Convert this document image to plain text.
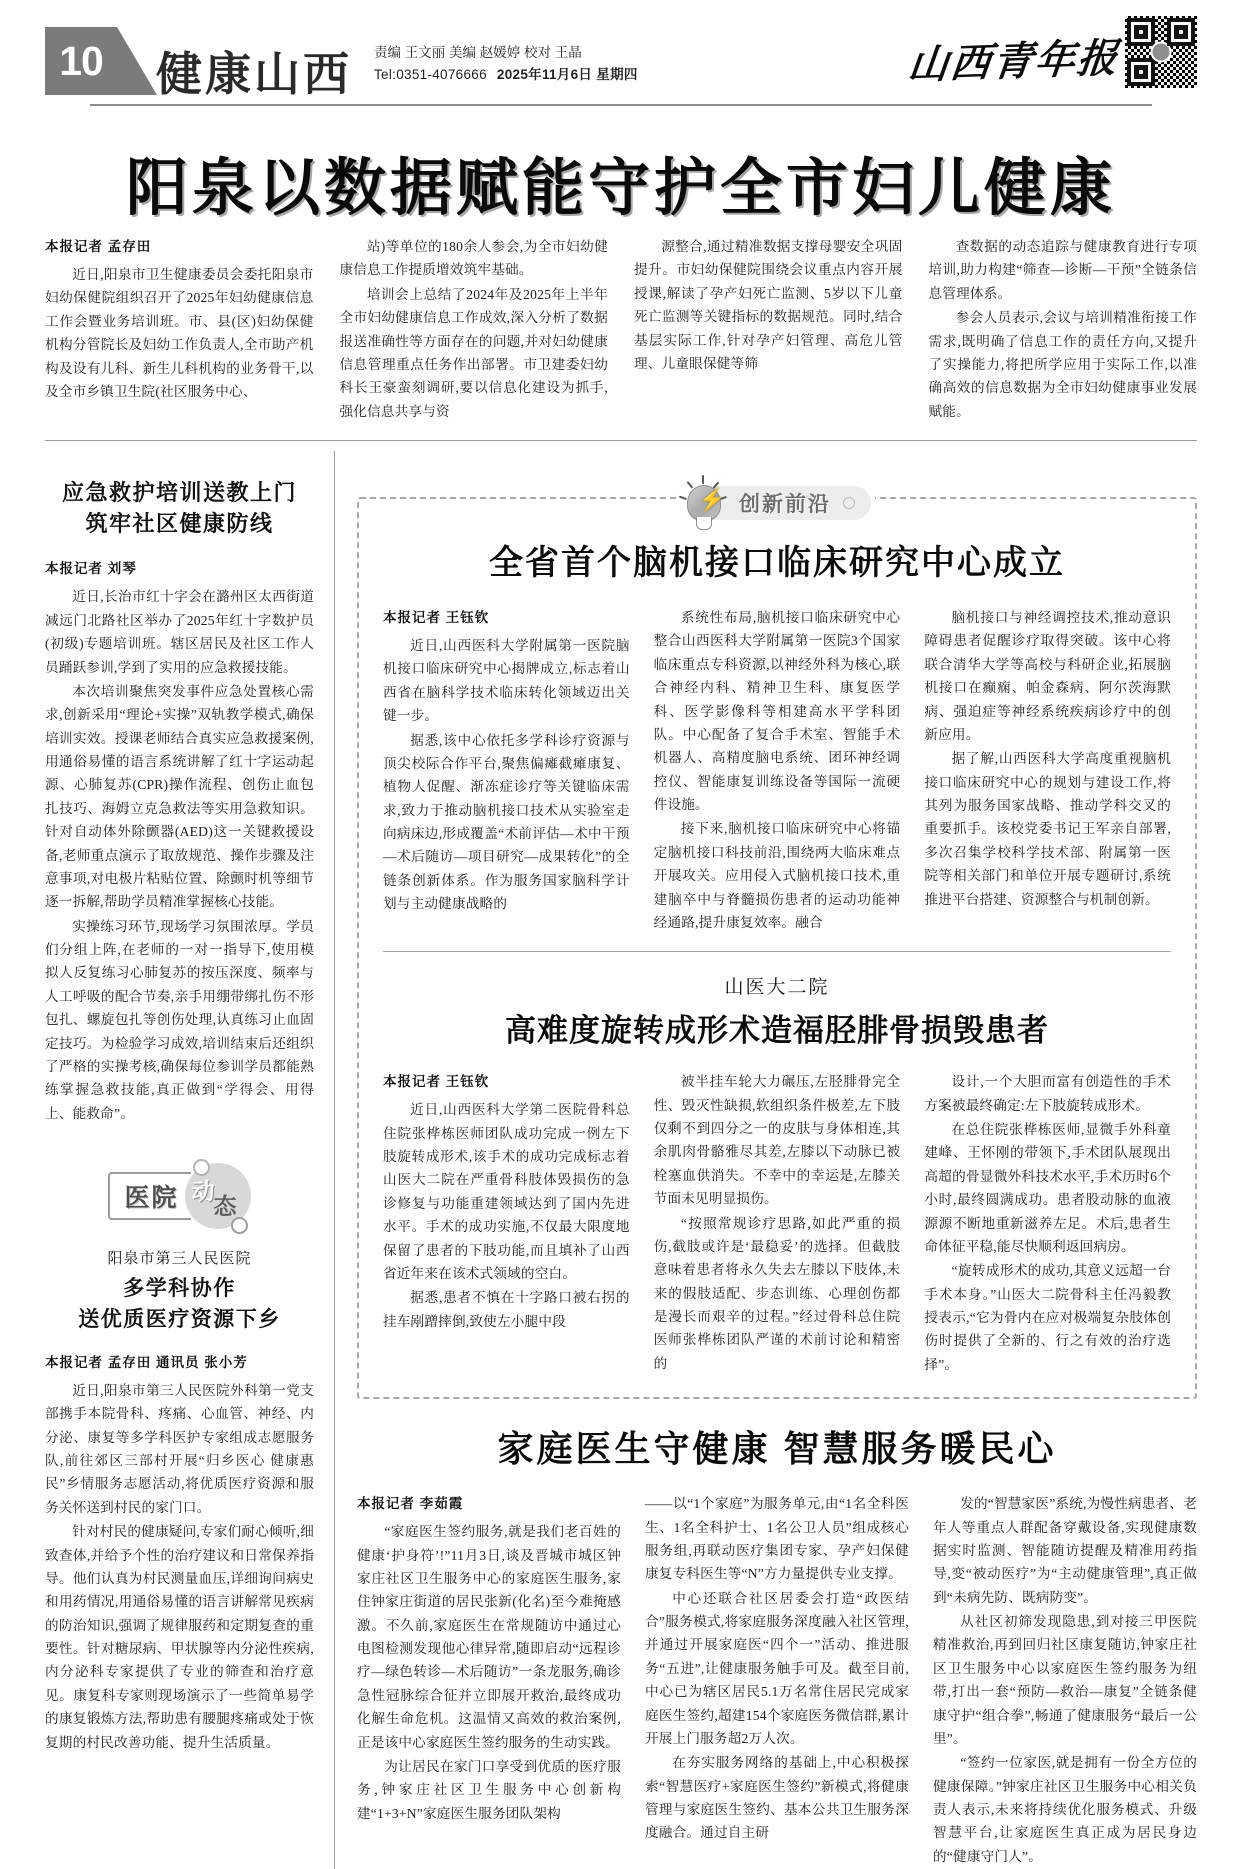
10	健康山西 责编 王文丽 美编 赵媛婷 校对 王晶
Tel:0351-4076666 2025年11月6日 星期四	山西青年报
阳泉以数据赋能守护全市妇儿健康
本报记者 孟存田

近日,阳泉市卫生健康委员会委托阳泉市妇幼保健院组织召开了2025年妇幼健康信息工作会暨业务培训班。市、县(区)妇幼保健机构分管院长及妇幼工作负责人,全市助产机构及设有儿科、新生儿科机构的业务骨干,以及全市乡镇卫生院(社区服务中心、

站)等单位的180余人参会,为全市妇幼健康信息工作提质增效筑牢基础。

培训会上总结了2024年及2025年上半年全市妇幼健康信息工作成效,深入分析了数据报送准确性等方面存在的问题,并对妇幼健康信息管理重点任务作出部署。市卫建委妇幼科长王豪蛮刻调研,要以信息化建设为抓手,强化信息共享与资

源整合,通过精准数据支撑母婴安全巩固提升。市妇幼保健院围绕会议重点内容开展授课,解读了孕产妇死亡监测、5岁以下儿童死亡监测等关键指标的数据规范。同时,结合基层实际工作,针对孕产妇管理、高危儿管理、儿童眼保健等筛

查数据的动态追踪与健康教育进行专项培训,助力构建“筛查—诊断—干预”全链条信息管理体系。

参会人员表示,会议与培训精准衔接工作需求,既明确了信息工作的责任方向,又提升了实操能力,将把所学应用于实际工作,以准确高效的信息数据为全市妇幼健康事业发展赋能。

应急救护培训送教上门
筑牢社区健康防线
本报记者 刘琴

近日,长治市红十字会在潞州区太西街道减远门北路社区举办了2025年红十字数护员(初级)专题培训班。辖区居民及社区工作人员踊跃参训,学到了实用的应急救援技能。

本次培训聚焦突发事件应急处置核心需求,创新采用“理论+实操”双轨教学模式,确保培训实效。授课老师结合真实应急救援案例,用通俗易懂的语言系统讲解了红十字运动起源、心肺复苏(CPR)操作流程、创伤止血包扎技巧、海姆立克急救法等实用急救知识。针对自动体外除颤器(AED)这一关键救援设备,老师重点演示了取放规范、操作步骤及注意事项,对电极片粘贴位置、除颤时机等细节逐一拆解,帮助学员精准掌握核心技能。

实操练习环节,现场学习氛围浓厚。学员们分组上阵,在老师的一对一指导下,使用模拟人反复练习心肺复苏的按压深度、频率与人工呼吸的配合节奏,亲手用绷带绑扎伤不形包扎、螺旋包扎等创伤处理,认真练习止血固定技巧。为检验学习成效,培训结束后还组织了严格的实操考核,确保每位参训学员都能熟练掌握急救技能,真正做到“学得会、用得上、能救命”。

医院 动
态
阳泉市第三人民医院
多学科协作
送优质医疗资源下乡
本报记者 孟存田 通讯员 张小芳

近日,阳泉市第三人民医院外科第一党支部携手本院骨科、疼痛、心血管、神经、内分泌、康复等多学科医护专家组成志愿服务队,前往郊区三部村开展“归乡医心 健康惠民”乡情服务志愿活动,将优质医疗资源和服务关怀送到村民的家门口。

针对村民的健康疑问,专家们耐心倾听,细致查体,并给予个性的治疗建议和日常保养指导。他们认真为村民测量血压,详细询问病史和用药情况,用通俗易懂的语言讲解常见疾病的防治知识,强调了规律服药和定期复查的重要性。针对糖尿病、甲状腺等内分泌性疾病,内分泌科专家提供了专业的筛查和治疗意见。康复科专家则现场演示了一些简单易学的康复锻炼方法,帮助患有腰腿疼痛或处于恢复期的村民改善功能、提升生活质量。

⚡ 创新前沿
全省首个脑机接口临床研究中心成立
本报记者 王钰钦

近日,山西医科大学附属第一医院脑机接口临床研究中心揭牌成立,标志着山西省在脑科学技术临床转化领域迈出关键一步。

据悉,该中心依托多学科诊疗资源与顶尖校际合作平台,聚焦偏瘫截瘫康复、植物人促醒、渐冻症诊疗等关键临床需求,致力于推动脑机接口技术从实验室走向病床边,形成覆盖“术前评估—术中干预—术后随访—项目研究—成果转化”的全链条创新体系。作为服务国家脑科学计划与主动健康战略的

系统性布局,脑机接口临床研究中心整合山西医科大学附属第一医院3个国家临床重点专科资源,以神经外科为核心,联合神经内科、精神卫生科、康复医学科、医学影像科等相建高水平学科团队。中心配备了复合手术室、智能手术机器人、高精度脑电系统、团环神经调控仪、智能康复训练设备等国际一流硬件设施。

接下来,脑机接口临床研究中心将锚定脑机接口科技前沿,围绕两大临床难点开展攻关。应用侵入式脑机接口技术,重建脑卒中与脊髓损伤患者的运动功能神经通路,提升康复效率。融合

脑机接口与神经调控技术,推动意识障碍患者促醒诊疗取得突破。该中心将联合清华大学等高校与科研企业,拓展脑机接口在癫痫、帕金森病、阿尔茨海默病、强迫症等神经系统疾病诊疗中的创新应用。

据了解,山西医科大学高度重视脑机接口临床研究中心的规划与建设工作,将其列为服务国家战略、推动学科交叉的重要抓手。该校党委书记王军亲自部署,多次召集学校科学技术部、附属第一医院等相关部门和单位开展专题研讨,系统推进平台搭建、资源整合与机制创新。

山医大二院
高难度旋转成形术造福胫腓骨损毁患者
本报记者 王钰钦

近日,山西医科大学第二医院骨科总住院张桦栋医师团队成功完成一例左下肢旋转成形术,该手术的成功完成标志着山医大二院在严重骨科肢体毁损伤的急诊修复与功能重建领域达到了国内先进水平。手术的成功实施,不仅最大限度地保留了患者的下肢功能,而且填补了山西省近年来在该术式领域的空白。

据悉,患者不慎在十字路口被右拐的挂车剐蹭摔倒,致使左小腿中段

被半挂车轮大力碾压,左胫腓骨完全性、毁灭性缺损,软组织条件极差,左下肢仅剩不到四分之一的皮肤与身体相连,其余肌肉骨骼雅尽其差,左膝以下动脉已被栓塞血供消失。不幸中的幸运是,左膝关节面未见明显损伤。

“按照常规诊疗思路,如此严重的损伤,截肢或许是‘最稳妥’的选择。但截肢意味着患者将永久失去左膝以下肢体,未来的假肢适配、步态训练、心理创伤都是漫长而艰辛的过程。”经过骨科总住院医师张桦栋团队严谨的术前讨论和精密的

设计,一个大胆而富有创造性的手术方案被最终确定:左下肢旋转成形术。

在总住院张桦栋医师,显微手外科童建峰、王怀刚的带领下,手术团队展现出高超的骨显微外科技术水平,手术历时6个小时,最终圆满成功。患者股动脉的血液源源不断地重新滋养左足。术后,患者生命体征平稳,能尽快顺利返回病房。

“旋转成形术的成功,其意义远超一台手术本身。”山医大二院骨科主任冯毅教授表示,“它为骨内在应对极端复杂肢体创伤时提供了全新的、行之有效的治疗选择”。

家庭医生守健康 智慧服务暖民心
本报记者 李茹霞

“家庭医生签约服务,就是我们老百姓的健康‘护身符’!”11月3日,谈及晋城市城区钟家庄社区卫生服务中心的家庭医生服务,家住钟家庄街道的居民张新(化名)至今难掩感激。不久前,家庭医生在常规随访中通过心电图检测发现他心律异常,随即启动“远程诊疗—绿色转诊—术后随访”一条龙服务,确诊急性冠脉综合征并立即展开救治,最终成功化解生命危机。这温情又高效的救治案例,正是该中心家庭医生签约服务的生动实践。

为让居民在家门口享受到优质的医疗服务,钟家庄社区卫生服务中心创新构建“1+3+N”家庭医生服务团队架构

——以“1个家庭”为服务单元,由“1名全科医生、1名全科护士、1名公卫人员”组成核心服务组,再联动医疗集团专家、孕产妇保健康复专科医生等“N”方力量提供专业支撑。

中心还联合社区居委会打造“政医结合”服务模式,将家庭服务深度融入社区管理,并通过开展家庭医“四个一”活动、推进服务“五进”,让健康服务触手可及。截至目前,中心已为辖区居民5.1万名常住居民完成家庭医生签约,超建154个家庭医务微信群,累计开展上门服务超2万人次。

在夯实服务网络的基础上,中心积极探索“智慧医疗+家庭医生签约”新模式,将健康管理与家庭医生签约、基本公共卫生服务深度融合。通过自主研

发的“智慧家医”系统,为慢性病患者、老年人等重点人群配备穿戴设备,实现健康数据实时监测、智能随访提醒及精准用药指导,变“被动医疗”为“主动健康管理”,真正做到“未病先防、既病防变”。

从社区初筛发现隐患,到对接三甲医院精准救治,再到回归社区康复随访,钟家庄社区卫生服务中心以家庭医生签约服务为纽带,打出一套“预防—救治—康复”全链条健康守护“组合拳”,畅通了健康服务“最后一公里”。

“签约一位家医,就是拥有一份全方位的健康保障。”钟家庄社区卫生服务中心相关负责人表示,未来将持续优化服务模式、升级智慧平台,让家庭医生真正成为居民身边的“健康守门人”。
